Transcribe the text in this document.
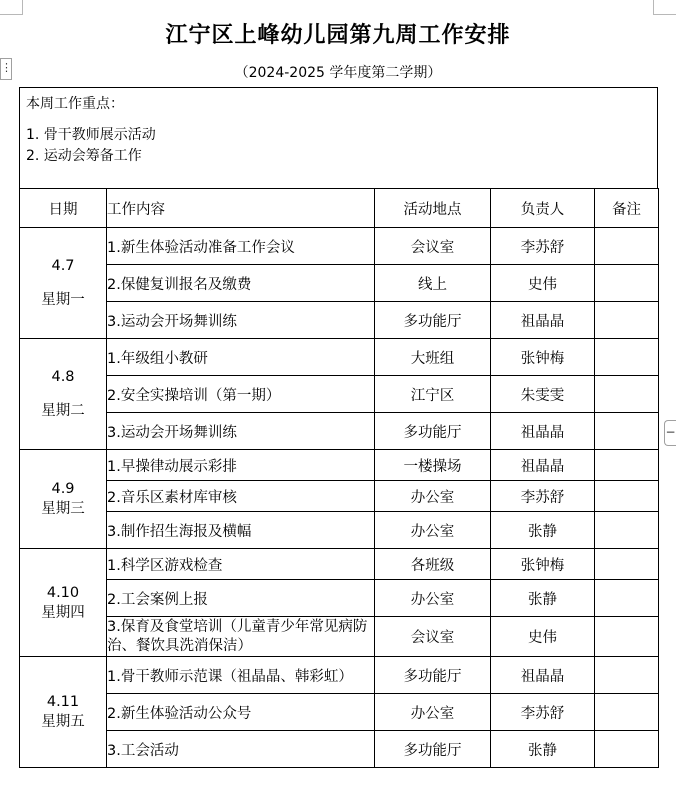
⋮
−
江宁区上峰幼儿园第九周工作安排
（2024-2025 学年度第二学期）
本周工作重点：
1. 骨干教师展示活动
2. 运动会筹备工作
日期	工作内容	活动地点	负责人	备注

4.7
星期一	1.新生体验活动准备工作会议	会议室	李苏舒	
	2.保健复训报名及缴费	线上	史伟	
	3.运动会开场舞训练	多功能厅	祖晶晶	

4.8
星期二	1.年级组小教研	大班组	张钟梅	
	2.安全实操培训（第一期）	江宁区	朱雯雯	
	3.运动会开场舞训练	多功能厅	祖晶晶	

4.9
星期三	1.早操律动展示彩排	一楼操场	祖晶晶	
	2.音乐区素材库审核	办公室	李苏舒	
	3.制作招生海报及横幅	办公室	张静	

4.10
星期四	1.科学区游戏检查	各班级	张钟梅	
	2.工会案例上报	办公室	张静	
	3.保育及食堂培训（儿童青少年常见病防治、餐饮具洗消保洁）	会议室	史伟	

4.11
星期五	1.骨干教师示范课（祖晶晶、韩彩虹）	多功能厅	祖晶晶	
	2.新生体验活动公众号	办公室	李苏舒	
	3.工会活动	多功能厅	张静	
